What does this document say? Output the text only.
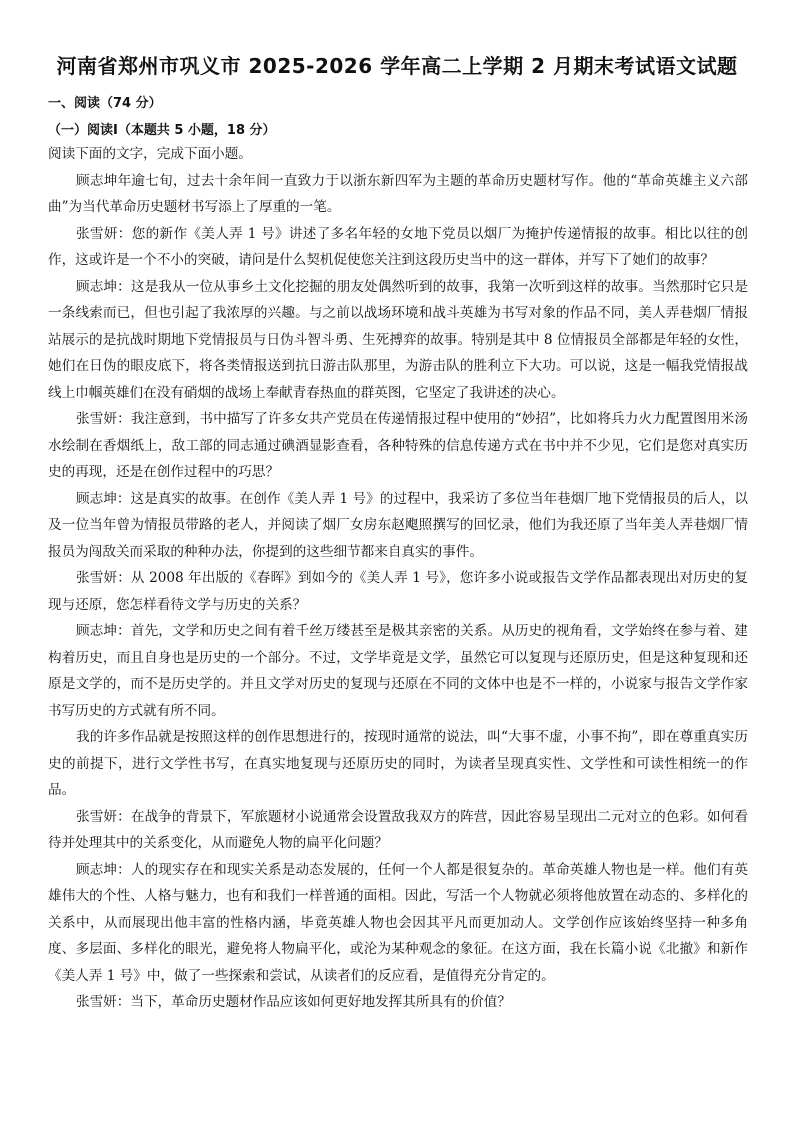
河南省郑州市巩义市 2025-2026 学年高二上学期 2 月期末考试语文试题
一、阅读（74 分）
（一）阅读Ⅰ（本题共 5 小题，18 分）

阅读下面的文字，完成下面小题。

顾志坤年逾七旬，过去十余年间一直致力于以浙东新四军为主题的革命历史题材写作。他的“革命英雄主义六部曲”为当代革命历史题材书写添上了厚重的一笔。

张雪妍：您的新作《美人弄 1 号》讲述了多名年轻的女地下党员以烟厂为掩护传递情报的故事。相比以往的创作，这或许是一个不小的突破，请问是什么契机促使您关注到这段历史当中的这一群体，并写下了她们的故事？

顾志坤：这是我从一位从事乡土文化挖掘的朋友处偶然听到的故事，我第一次听到这样的故事。当然那时它只是一条线索而已，但也引起了我浓厚的兴趣。与之前以战场环境和战斗英雄为书写对象的作品不同，美人弄巷烟厂情报站展示的是抗战时期地下党情报员与日伪斗智斗勇、生死搏弈的故事。特别是其中 8 位情报员全部都是年轻的女性，她们在日伪的眼皮底下，将各类情报送到抗日游击队那里，为游击队的胜利立下大功。可以说，这是一幅我党情报战线上巾帼英雄们在没有硝烟的战场上奉献青春热血的群英图，它坚定了我讲述的决心。

张雪妍：我注意到，书中描写了许多女共产党员在传递情报过程中使用的“妙招”，比如将兵力火力配置图用米汤水绘制在香烟纸上，敌工部的同志通过碘酒显影查看，各种特殊的信息传递方式在书中并不少见，它们是您对真实历史的再现，还是在创作过程中的巧思？

顾志坤：这是真实的故事。在创作《美人弄 1 号》的过程中，我采访了多位当年巷烟厂地下党情报员的后人，以及一位当年曾为情报员带路的老人，并阅读了烟厂女房东赵飑照撰写的回忆录，他们为我还原了当年美人弄巷烟厂情报员为闯敌关而采取的种种办法，你提到的这些细节都来自真实的事件。

张雪妍：从 2008 年出版的《春晖》到如今的《美人弄 1 号》，您许多小说或报告文学作品都表现出对历史的复现与还原，您怎样看待文学与历史的关系？

顾志坤：首先，文学和历史之间有着千丝万缕甚至是极其亲密的关系。从历史的视角看，文学始终在参与着、建构着历史，而且自身也是历史的一个部分。不过，文学毕竟是文学，虽然它可以复现与还原历史，但是这种复现和还原是文学的，而不是历史学的。并且文学对历史的复现与还原在不同的文体中也是不一样的，小说家与报告文学作家书写历史的方式就有所不同。

我的许多作品就是按照这样的创作思想进行的，按现时通常的说法，叫“大事不虚，小事不拘”，即在尊重真实历史的前提下，进行文学性书写，在真实地复现与还原历史的同时，为读者呈现真实性、文学性和可读性相统一的作品。

张雪妍：在战争的背景下，军旅题材小说通常会设置敌我双方的阵营，因此容易呈现出二元对立的色彩。如何看待并处理其中的关系变化，从而避免人物的扁平化问题？

顾志坤：人的现实存在和现实关系是动态发展的，任何一个人都是很复杂的。革命英雄人物也是一样。他们有英雄伟大的个性、人格与魅力，也有和我们一样普通的面相。因此，写活一个人物就必须将他放置在动态的、多样化的关系中，从而展现出他丰富的性格内涵，毕竟英雄人物也会因其平凡而更加动人。文学创作应该始终坚持一种多角度、多层面、多样化的眼光，避免将人物扁平化，或沦为某种观念的象征。在这方面，我在长篇小说《北撤》和新作《美人弄 1 号》中，做了一些探索和尝试，从读者们的反应看，是值得充分肯定的。

张雪妍：当下，革命历史题材作品应该如何更好地发挥其所具有的价值？
